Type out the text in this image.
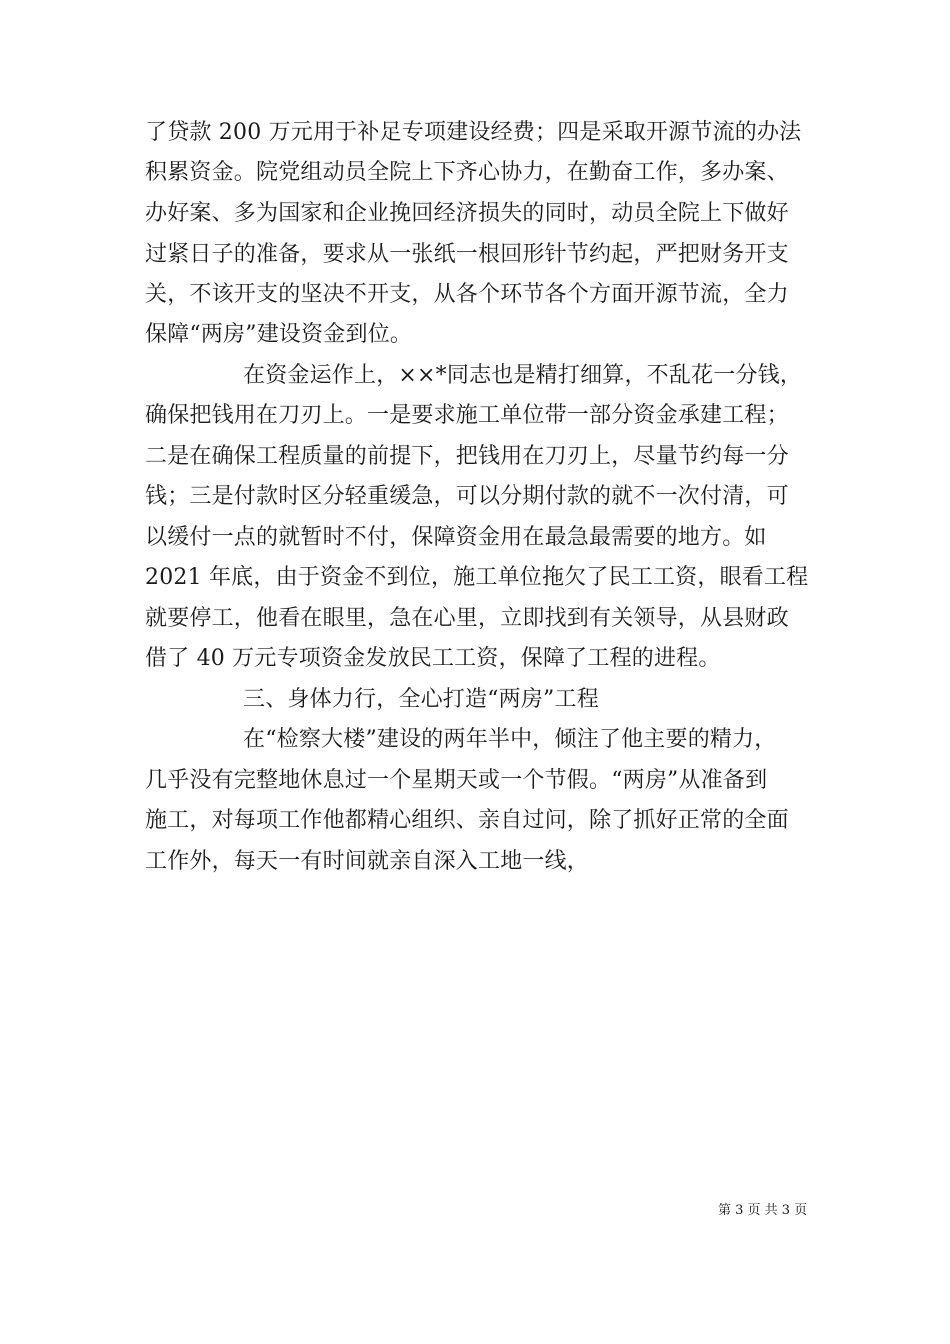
了贷款 200 万元用于补足专项建设经费；四是采取开源节流的办法
积累资金。院党组动员全院上下齐心协力，在勤奋工作，多办案、
办好案、多为国家和企业挽回经济损失的同时，动员全院上下做好
过紧日子的准备，要求从一张纸一根回形针节约起，严把财务开支
关，不该开支的坚决不开支，从各个环节各个方面开源节流，全力
保障“两房”建设资金到位。
在资金运作上，××*同志也是精打细算，不乱花一分钱，
确保把钱用在刀刃上。一是要求施工单位带一部分资金承建工程；
二是在确保工程质量的前提下，把钱用在刀刃上，尽量节约每一分
钱；三是付款时区分轻重缓急，可以分期付款的就不一次付清，可
以缓付一点的就暂时不付，保障资金用在最急最需要的地方。如
2021 年底，由于资金不到位，施工单位拖欠了民工工资，眼看工程
就要停工，他看在眼里，急在心里，立即找到有关领导，从县财政
借了 40 万元专项资金发放民工工资，保障了工程的进程。
三、身体力行，全心打造“两房”工程
在“检察大楼”建设的两年半中，倾注了他主要的精力，
几乎没有完整地休息过一个星期天或一个节假。“两房”从准备到
施工，对每项工作他都精心组织、亲自过问，除了抓好正常的全面
工作外，每天一有时间就亲自深入工地一线，
第 3 页 共 3 页
